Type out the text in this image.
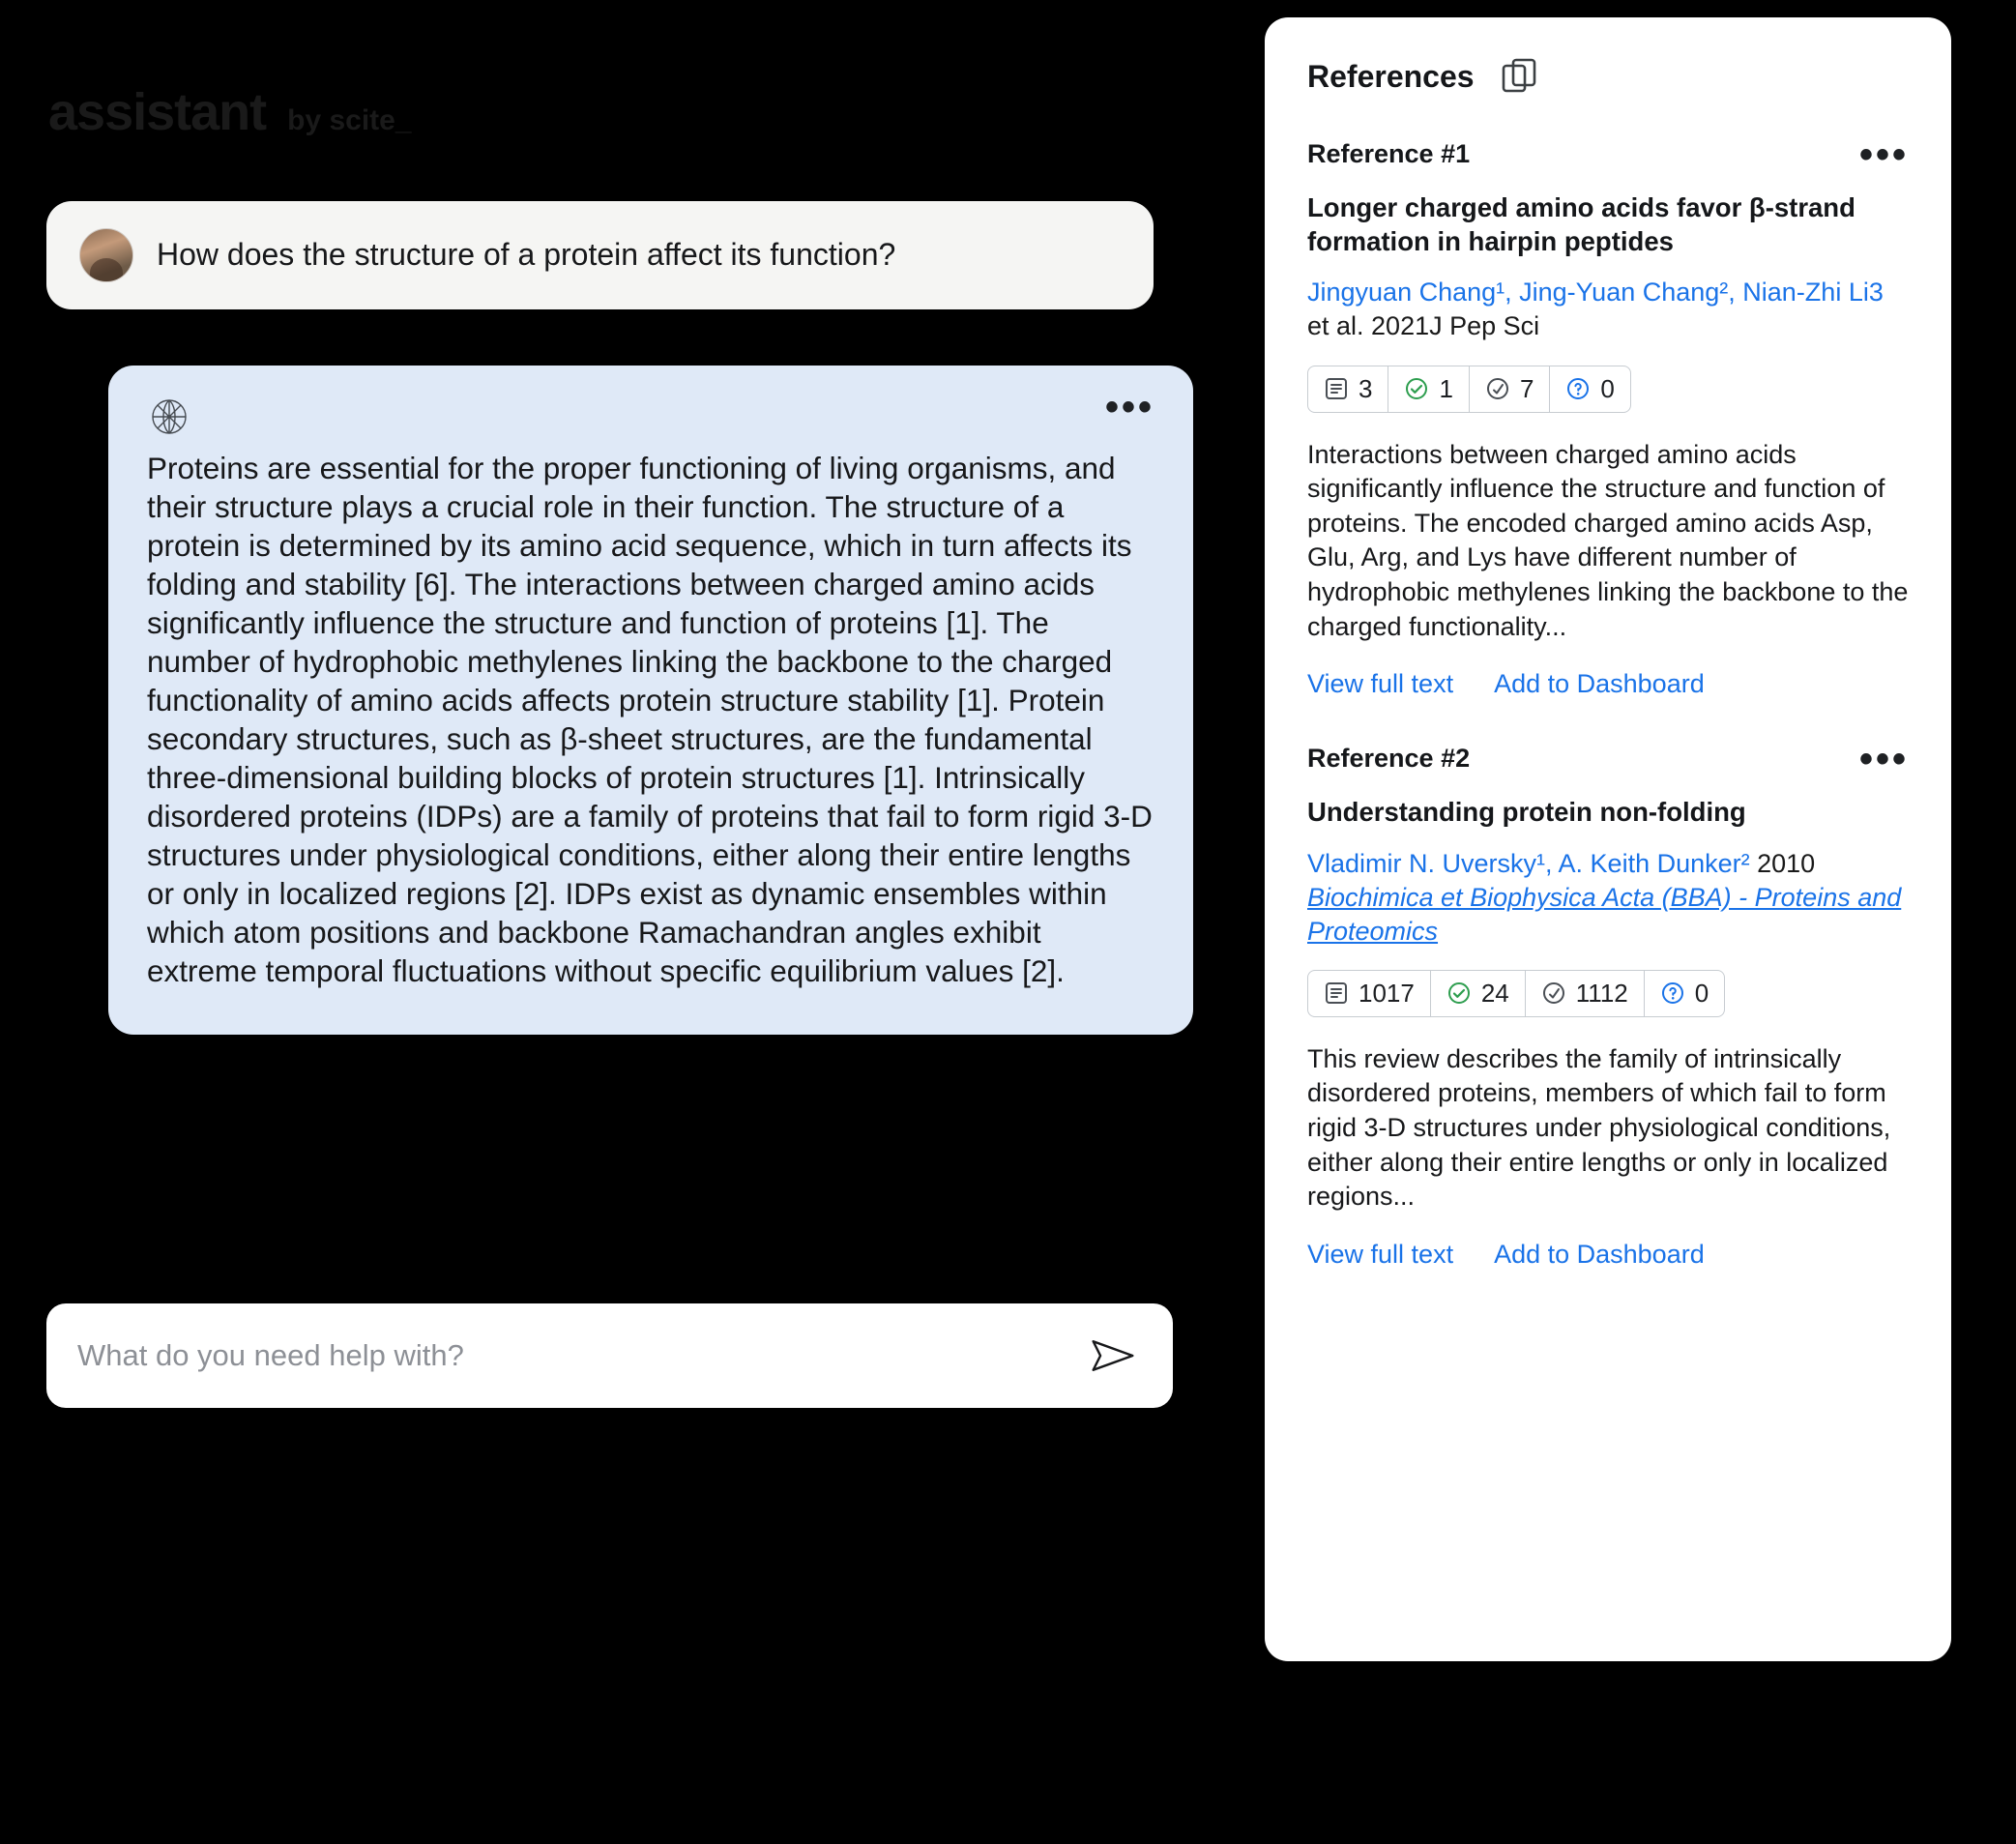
assistant by scite_
How does the structure of a protein affect its function?
•••

Proteins are essential for the proper functioning of living organisms, and their structure plays a crucial role in their function. The structure of a protein is determined by its amino acid sequence, which in turn affects its folding and stability [6]. The interactions between charged amino acids significantly influence the structure and function of proteins [1]. The number of hydrophobic methylenes linking the backbone to the charged functionality of amino acids affects protein structure stability [1]. Protein secondary structures, such as β-sheet structures, are the fundamental three-dimensional building blocks of protein structures [1]. Intrinsically disordered proteins (IDPs) are a family of proteins that fail to form rigid 3-D structures under physiological conditions, either along their entire lengths or only in localized regions [2]. IDPs exist as dynamic ensembles within which atom positions and backbone Ramachandran angles exhibit extreme temporal fluctuations without specific equilibrium values [2].

What do you need help with?
References
Reference #1	•••
Longer charged amino acids favor β-strand formation in hairpin peptides
Jingyuan Chang¹, Jing-Yuan Chang², Nian-Zhi Li3 et al. 2021J Pep Sci
3	1	7	0
Interactions between charged amino acids significantly influence the structure and function of proteins. The encoded charged amino acids Asp, Glu, Arg, and Lys have different number of hydrophobic methylenes linking the backbone to the charged functionality...
View full text Add to Dashboard
Reference #2	•••
Understanding protein non-folding
Vladimir N. Uversky¹, A. Keith Dunker² 2010 Biochimica et Biophysica Acta (BBA) - Proteins and Proteomics
1017	24	1112	0
This review describes the family of intrinsically disordered proteins, members of which fail to form rigid 3-D structures under physiological conditions, either along their entire lengths or only in localized regions...
View full text Add to Dashboard
